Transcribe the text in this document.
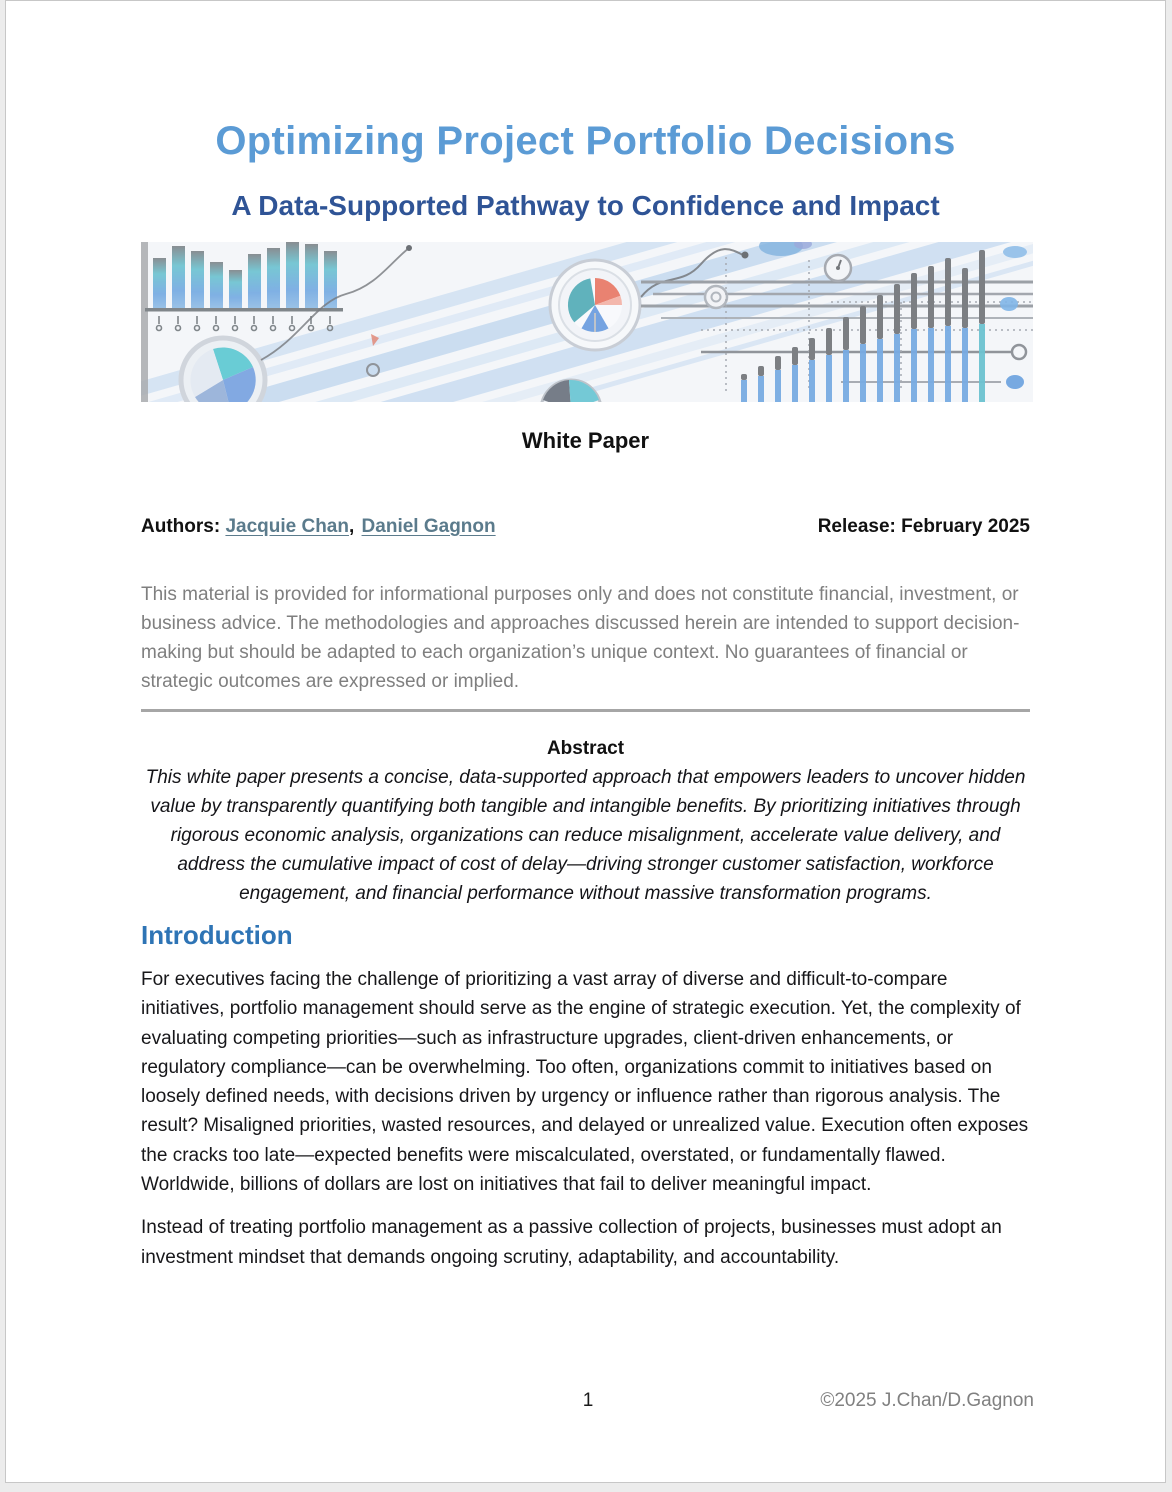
Optimizing Project Portfolio Decisions
A Data-Supported Pathway to Confidence and Impact
White Paper
Authors: Jacquie Chan, Daniel Gagnon	Release: February 2025

This material is provided for informational purposes only and does not constitute financial, investment, or business advice. The methodologies and approaches discussed herein are intended to support decision-making but should be adapted to each organization’s unique context. No guarantees of financial or strategic outcomes are expressed or implied.

Abstract

This white paper presents a concise, data-supported approach that empowers leaders to uncover hidden value by transparently quantifying both tangible and intangible benefits. By prioritizing initiatives through rigorous economic analysis, organizations can reduce misalignment, accelerate value delivery, and address the cumulative impact of cost of delay—driving stronger customer satisfaction, workforce engagement, and financial performance without massive transformation programs.

Introduction

For executives facing the challenge of prioritizing a vast array of diverse and difficult-to-compare initiatives, portfolio management should serve as the engine of strategic execution. Yet, the complexity of evaluating competing priorities—such as infrastructure upgrades, client-driven enhancements, or regulatory compliance—can be overwhelming. Too often, organizations commit to initiatives based on loosely defined needs, with decisions driven by urgency or influence rather than rigorous analysis. The result? Misaligned priorities, wasted resources, and delayed or unrealized value. Execution often exposes the cracks too late—expected benefits were miscalculated, overstated, or fundamentally flawed. Worldwide, billions of dollars are lost on initiatives that fail to deliver meaningful impact.

Instead of treating portfolio management as a passive collection of projects, businesses must adopt an investment mindset that demands ongoing scrutiny, adaptability, and accountability.

1	©2025 J.Chan/D.Gagnon
